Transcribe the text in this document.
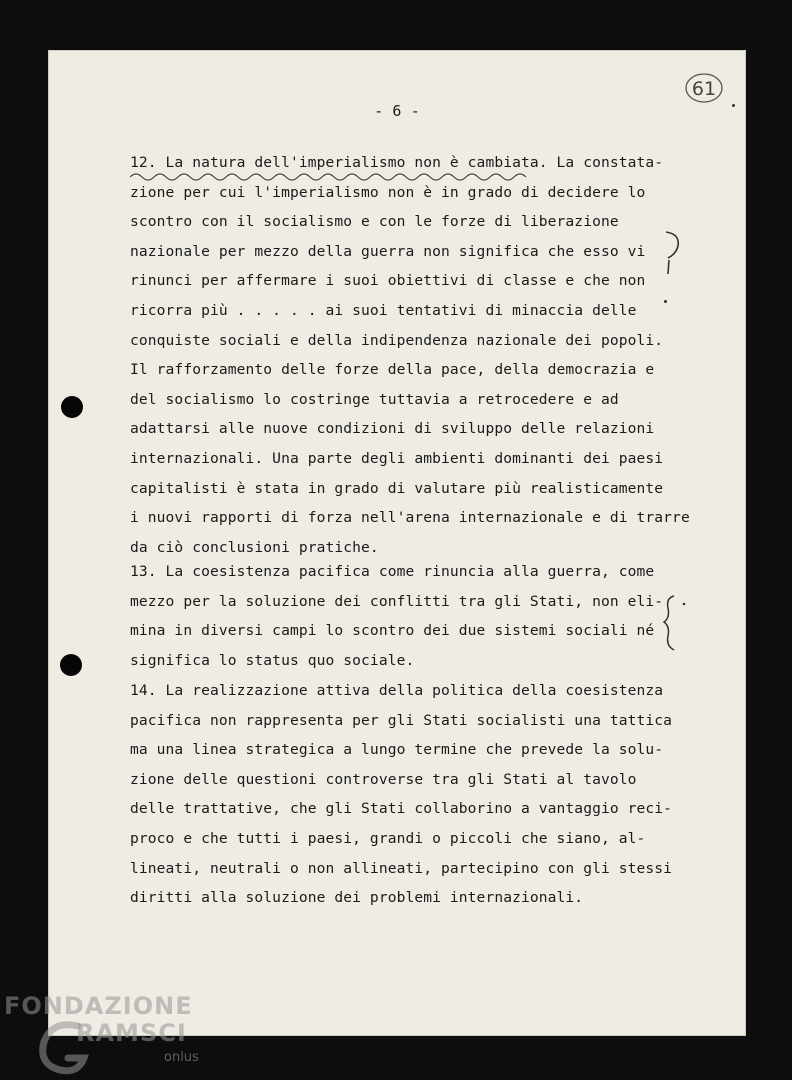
61
- 6 -
12. La natura dell'imperialismo non è cambiata. La constata-
zione per cui l'imperialismo non è in grado di decidere lo
scontro con il socialismo e con le forze di liberazione
nazionale per mezzo della guerra non significa che esso vi
rinunci per affermare i suoi obiettivi di classe e che non
ricorra più . . . . . ai suoi tentativi di minaccia delle
conquiste sociali e della indipendenza nazionale dei popoli.
Il rafforzamento delle forze della pace, della democrazia e
del socialismo lo costringe tuttavia a retrocedere e ad
adattarsi alle nuove condizioni di sviluppo delle relazioni
internazionali. Una parte degli ambienti dominanti dei paesi
capitalisti è stata in grado di valutare più realisticamente
i nuovi rapporti di forza nell'arena internazionale e di trarre
da ciò conclusioni pratiche.
13. La coesistenza pacifica come rinuncia alla guerra, come
mezzo per la soluzione dei conflitti tra gli Stati, non eli-
mina in diversi campi lo scontro dei due sistemi sociali né
significa lo status quo sociale.
14. La realizzazione attiva della politica della coesistenza
pacifica non rappresenta per gli Stati socialisti una tattica
ma una linea strategica a lungo termine che prevede la solu-
zione delle questioni controverse tra gli Stati al tavolo
delle trattative, che gli Stati collaborino a vantaggio reci-
proco e che tutti i paesi, grandi o piccoli che siano, al-
lineati, neutrali o non allineati, partecipino con gli stessi
diritti alla soluzione dei problemi internazionali.
FONDAZIONE
RAMSCI
onlus
